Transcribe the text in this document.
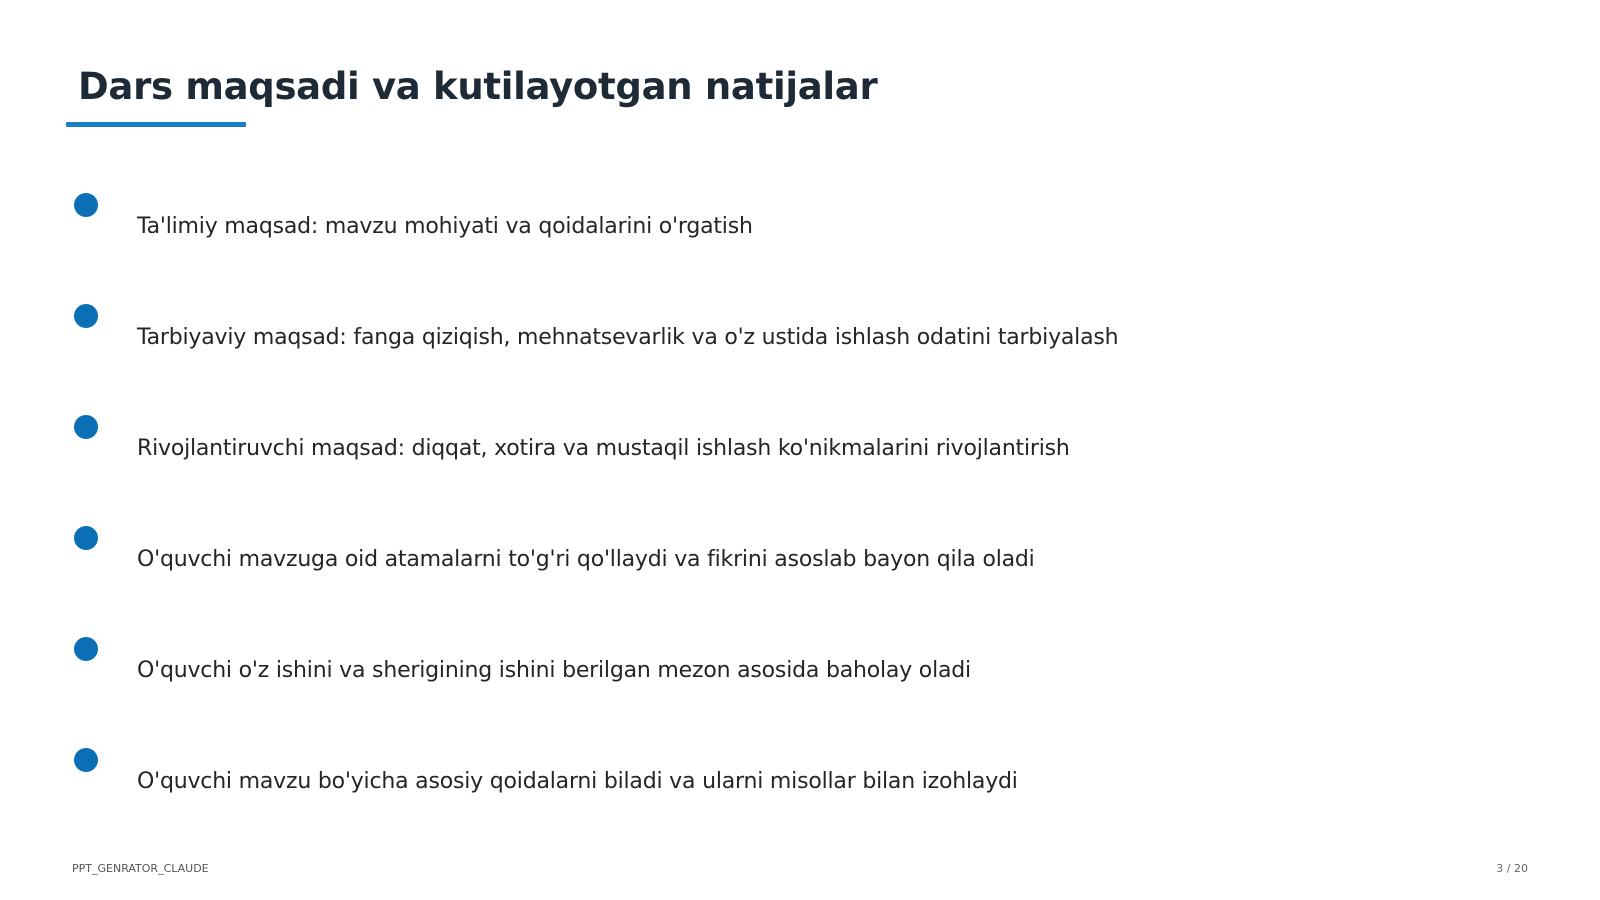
Dars maqsadi va kutilayotgan natijalar
Ta'limiy maqsad: mavzu mohiyati va qoidalarini o'rgatish
Tarbiyaviy maqsad: fanga qiziqish, mehnatsevarlik va o'z ustida ishlash odatini tarbiyalash
Rivojlantiruvchi maqsad: diqqat, xotira va mustaqil ishlash ko'nikmalarini rivojlantirish
O'quvchi mavzuga oid atamalarni to'g'ri qo'llaydi va fikrini asoslab bayon qila oladi
O'quvchi o'z ishini va sherigining ishini berilgan mezon asosida baholay oladi
O'quvchi mavzu bo'yicha asosiy qoidalarni biladi va ularni misollar bilan izohlaydi
PPT_GENRATOR_CLAUDE	3 / 20
